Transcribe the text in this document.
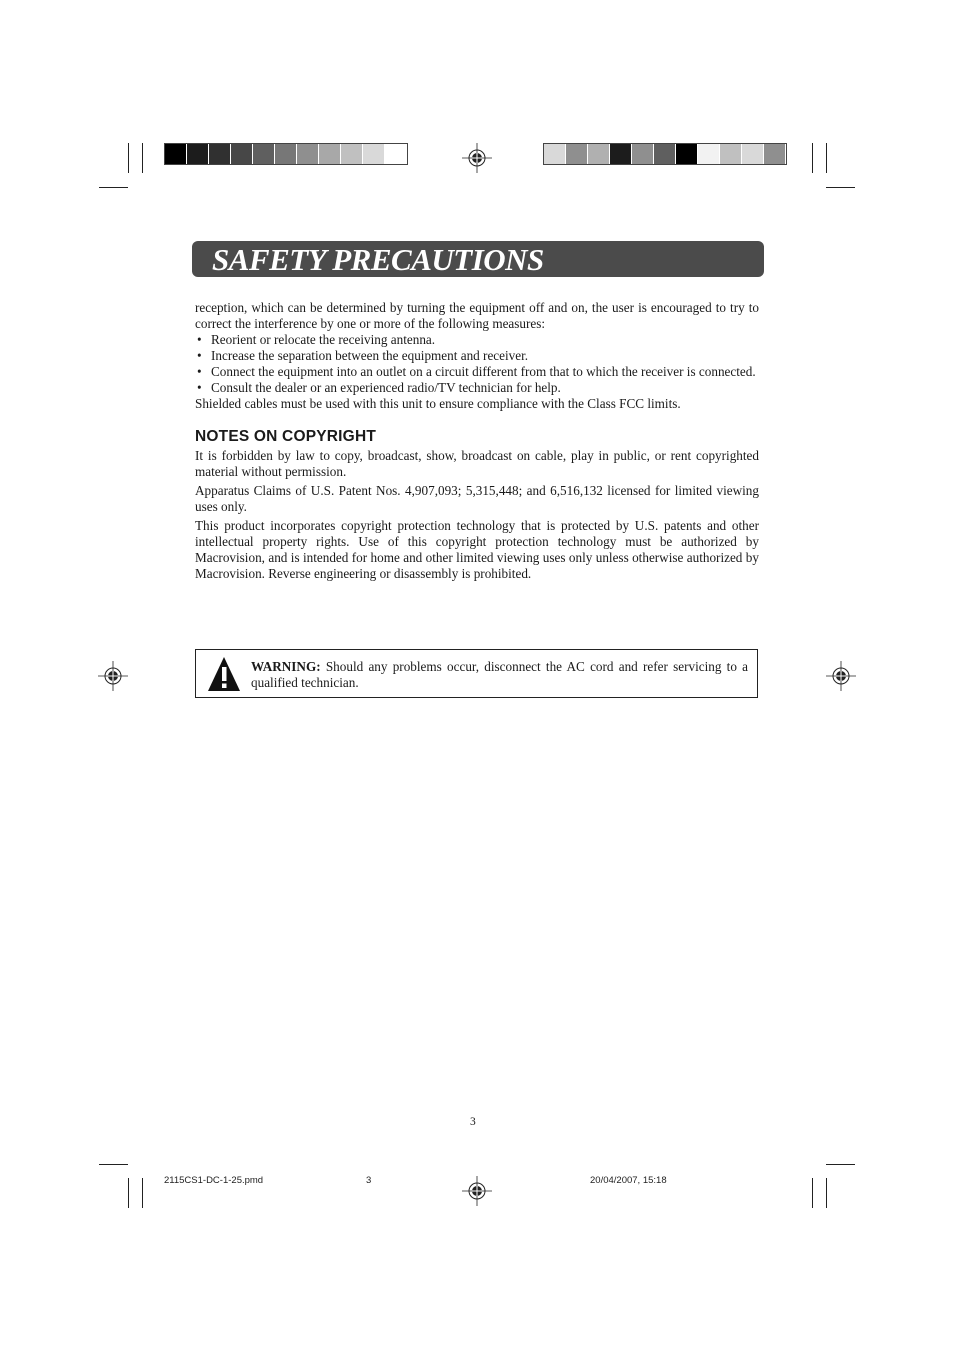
SAFETY PRECAUTIONS

reception, which can be determined by turning the equipment off and on, the user is encouraged to try to correct the interference by one or more of the following measures:

• Reorient or relocate the receiving antenna.
• Increase the separation between the equipment and receiver.
• Connect the equipment into an outlet on a circuit different from that to which the receiver is connected.
• Consult the dealer or an experienced radio/TV technician for help.

Shielded cables must be used with this unit to ensure compliance with the Class FCC limits.

NOTES ON COPYRIGHT

It is forbidden by law to copy, broadcast, show, broadcast on cable, play in public, or rent copyrighted material without permission.

Apparatus Claims of U.S. Patent Nos. 4,907,093; 5,315,448; and 6,516,132 licensed for limited viewing uses only.

This product incorporates copyright protection technology that is protected by U.S. patents and other intellectual property rights. Use of this copyright protection technology must be authorized by Macrovision, and is intended for home and other limited viewing uses only unless otherwise authorized by Macrovision. Reverse engineering or disassembly is prohibited.

WARNING: Should any problems occur, disconnect the AC cord and refer servicing to a qualified technician.
3
2115CS1-DC-1-25.pmd	3	20/04/2007, 15:18
